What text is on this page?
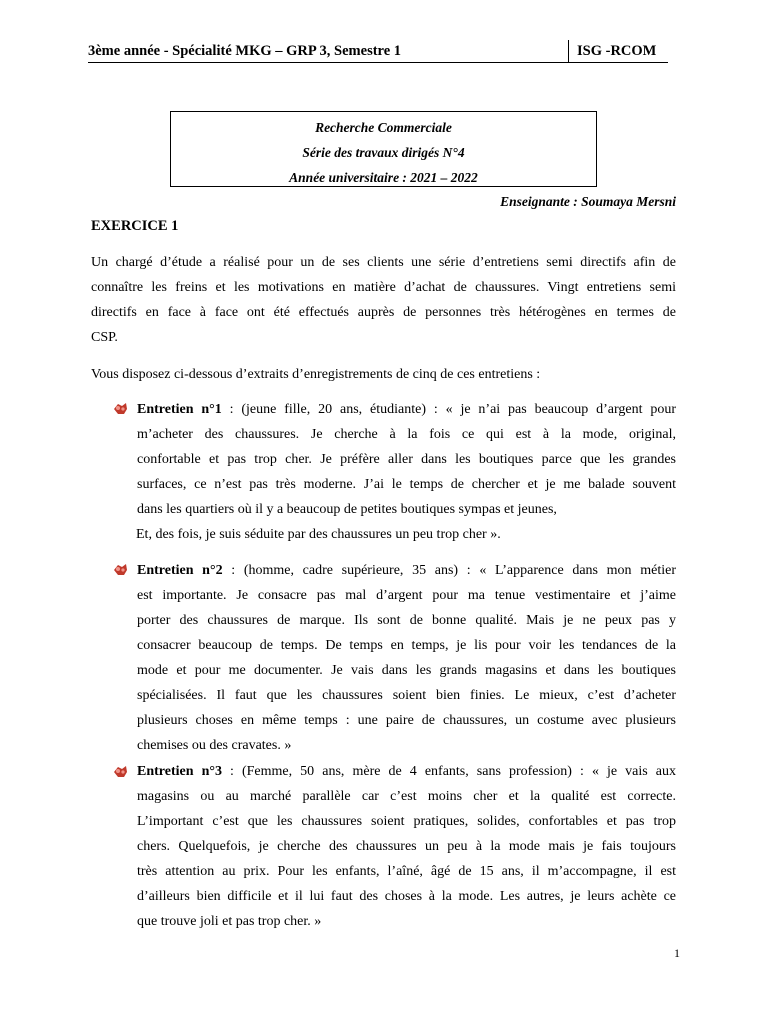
3ème année - Spécialité MKG – GRP 3, Semestre 1	ISG -RCOM
Recherche Commerciale
Série des travaux dirigés N°4
Année universitaire : 2021 – 2022
Enseignante : Soumaya Mersni
EXERCICE 1
Un chargé d’étude a réalisé pour un de ses clients une série d’entretiens semi directifs afin de
connaître les freins et les motivations en matière d’achat de chaussures. Vingt entretiens semi
directifs en face à face ont été effectués auprès de personnes très hétérogènes en termes de
CSP.
Vous disposez ci-dessous d’extraits d’enregistrements de cinq de ces entretiens :
Entretien n°1 : (jeune fille, 20 ans, étudiante) : « je n’ai pas beaucoup d’argent pour
m’acheter des chaussures. Je cherche à la fois ce qui est à la mode, original,
confortable et pas trop cher. Je préfère aller dans les boutiques parce que les grandes
surfaces, ce n’est pas très moderne. J’ai le temps de chercher et je me balade souvent
dans les quartiers où il y a beaucoup de petites boutiques sympas et jeunes,
Et, des fois, je suis séduite par des chaussures un peu trop cher ».
Entretien n°2 : (homme, cadre supérieure, 35 ans) : « L’apparence dans mon métier
est importante. Je consacre pas mal d’argent pour ma tenue vestimentaire et j’aime
porter des chaussures de marque. Ils sont de bonne qualité. Mais je ne peux pas y
consacrer beaucoup de temps. De temps en temps, je lis pour voir les tendances de la
mode et pour me documenter. Je vais dans les grands magasins et dans les boutiques
spécialisées. Il faut que les chaussures soient bien finies. Le mieux, c’est d’acheter
plusieurs choses en même temps : une paire de chaussures, un costume avec plusieurs
chemises ou des cravates. »
Entretien n°3 : (Femme, 50 ans, mère de 4 enfants, sans profession) : « je vais aux
magasins ou au marché parallèle car c’est moins cher et la qualité est correcte.
L’important c’est que les chaussures soient pratiques, solides, confortables et pas trop
chers. Quelquefois, je cherche des chaussures un peu à la mode mais je fais toujours
très attention au prix. Pour les enfants, l’aîné, âgé de 15 ans, il m’accompagne, il est
d’ailleurs bien difficile et il lui faut des choses à la mode. Les autres, je leurs achète ce
que trouve joli et pas trop cher. »
1
